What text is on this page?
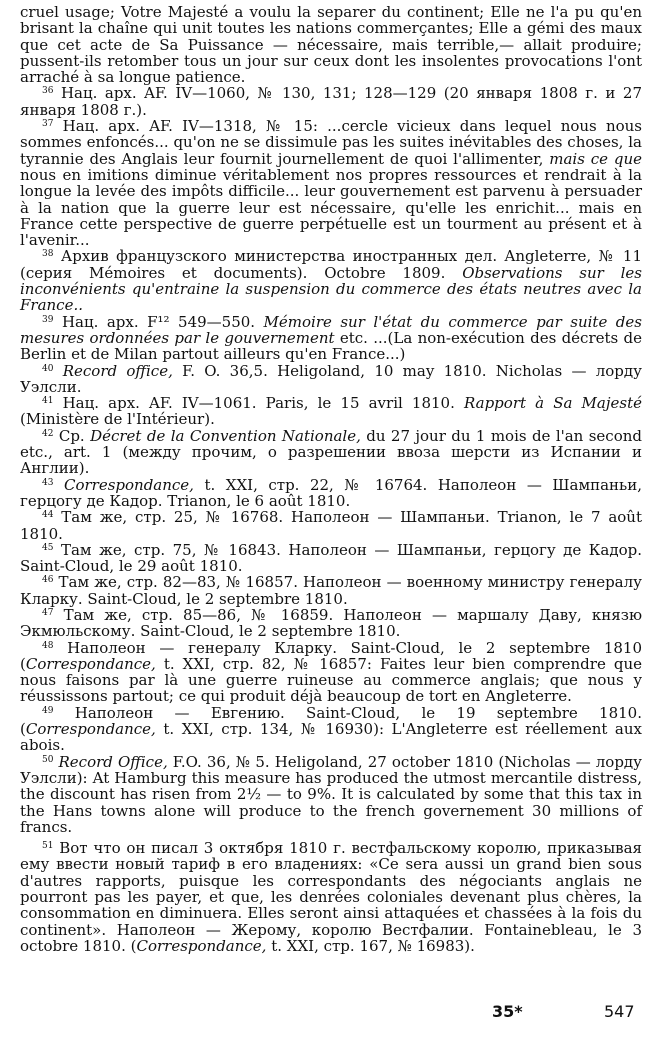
cruel usage; Votre Majesté a voulu la separer du continent; Elle ne l'a pu qu'en brisant la chaîne qui unit toutes les nations commerçantes; Elle a gémi des maux que cet acte de Sa Puissance — nécessaire, mais terrible,— allait produire; pussent-ils retomber tous un jour sur ceux dont les insolentes provocations l'ont arraché à sa longue patience.

$^{36}$ Нац. арх. AF. IV—1060, № 130, 131; 128—129 (20 января 1808 г. и 27 января 1808 г.).

$^{37}$ Нац. арх. AF. IV—1318, № 15: ...cercle vicieux dans lequel nous nous sommes enfoncés... qu'on ne se dissimule pas les suites inévitables des choses, la tyrannie des Anglais leur fournit journellement de quoi l'allimenter, mais ce que nous en imitions diminue véritablement nos propres ressources et rendrait à la longue la levée des impôts difficile... leur gouvernement est parvenu à persuader à la nation que la guerre leur est nécessaire, qu'elle les enrichit... mais en France cette perspective de guerre perpétuelle est un tourment au présent et à l'avenir...

$^{38}$ Архив французского министерства иностранных дел. Angleterre, № 11 (серия Mémoires et documents). Octobre 1809. Observations sur les inconvénients qu'entraine la suspension du commerce des états neutres avec la France..

$^{39}$ Нац. арх. F¹² 549—550. Mémoire sur l'état du commerce par suite des mesures ordonnées par le gouvernement etc. ...(La non-exécution des décrets de Berlin et de Milan partout ailleurs qu'en France...)

$^{40}$ Record office, F. O. 36,5. Heligoland, 10 may 1810. Nicholas — лорду Уэлсли.

$^{41}$ Нац. арх. AF. IV—1061. Paris, le 15 avril 1810. Rapport à Sa Majesté (Ministère de l'Intérieur).

$^{42}$ Ср. Décret de la Convention Nationale, du 27 jour du 1 mois de l'an second etc., art. 1 (между прочим, о разрешении ввоза шерсти из Испании и Англии).

$^{43}$ Correspondance, t. XXI, стр. 22, № 16764. Наполеон — Шампаньи, герцогу де Кадор. Trianon, le 6 août 1810.

$^{44}$ Там же, стр. 25, № 16768. Наполеон — Шампаньи. Trianon, le 7 août 1810.

$^{45}$ Там же, стр. 75, № 16843. Наполеон — Шампаньи, герцогу де Кадор. Saint-Cloud, le 29 août 1810.

$^{46}$ Там же, стр. 82—83, № 16857. Наполеон — военному министру генералу Кларку. Saint-Cloud, le 2 septembre 1810.

$^{47}$ Там же, стр. 85—86, № 16859. Наполеон — маршалу Даву, князю Экмюльскому. Saint-Cloud, le 2 septembre 1810.

$^{48}$ Наполеон — генералу Кларку. Saint-Cloud, le 2 septembre 1810 (Correspondance, t. XXI, стр. 82, № 16857: Faites leur bien comprendre que nous faisons par là une guerre ruineuse au commerce anglais; que nous y réussissons partout; ce qui produit déjà beaucoup de tort en Angleterre.

$^{49}$ Наполеон — Евгению. Saint-Cloud, le 19 septembre 1810. (Correspondance, t. XXI, стр. 134, № 16930): L'Angleterre est réellement aux abois.

$^{50}$ Record Office, F.O. 36, № 5. Heligoland, 27 october 1810 (Nicholas — лорду Уэлсли): At Hamburg this measure has produced the utmost mercantile distress, the discount has risen from 2½ — to 9%. It is calculated by some that this tax in the Hans towns alone will produce to the french governement 30 millions of francs.

$^{51}$ Вот что он писал 3 октября 1810 г. вестфальскому королю, приказывая ему ввести новый тариф в его владениях: «Ce sera aussi un grand bien sous d'autres rapports, puisque les correspondants des négociants anglais ne pourront pas les payer, et que, les denrées coloniales devenant plus chères, la consommation en diminuera. Elles seront ainsi attaquées et chassées à la fois du continent». Наполеон — Жерому, королю Вестфалии. Fontainebleau, le 3 octobre 1810. (Correspondance, t. XXI, стр. 167, № 16983).

35*	547
